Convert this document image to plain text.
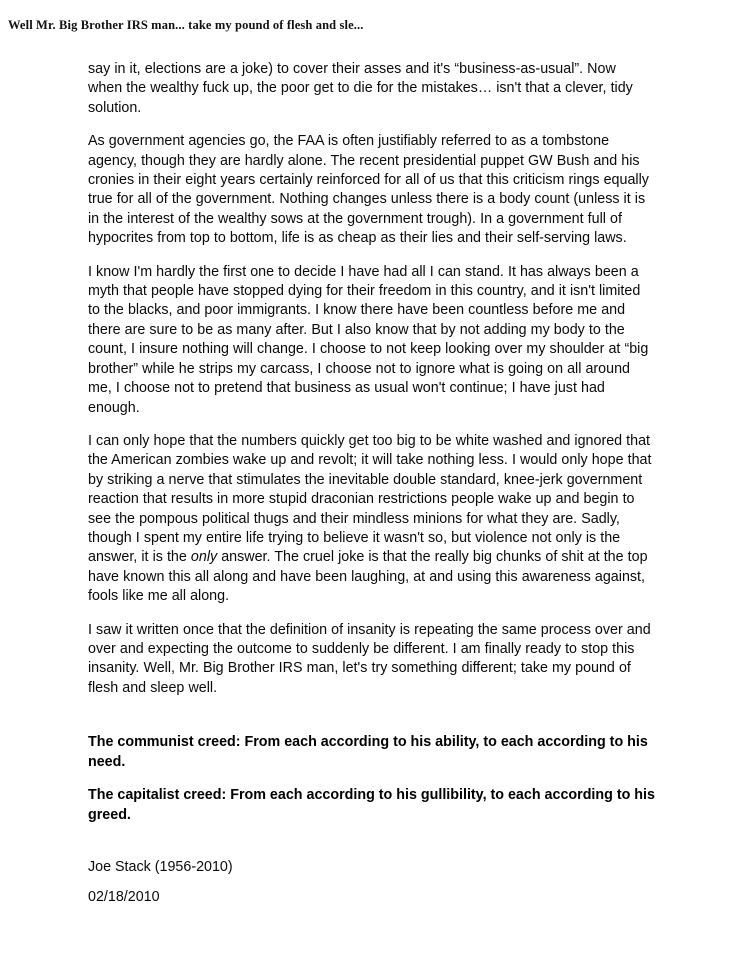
Well Mr. Big Brother IRS man... take my pound of flesh and sle...

say in it, elections are a joke) to cover their asses and it's “business-as-usual”. Now when the wealthy fuck up, the poor get to die for the mistakes… isn't that a clever, tidy solution.

As government agencies go, the FAA is often justifiably referred to as a tombstone agency, though they are hardly alone. The recent presidential puppet GW Bush and his cronies in their eight years certainly reinforced for all of us that this criticism rings equally true for all of the government. Nothing changes unless there is a body count (unless it is in the interest of the wealthy sows at the government trough). In a government full of hypocrites from top to bottom, life is as cheap as their lies and their self-serving laws.

I know I'm hardly the first one to decide I have had all I can stand. It has always been a myth that people have stopped dying for their freedom in this country, and it isn't limited to the blacks, and poor immigrants. I know there have been countless before me and there are sure to be as many after. But I also know that by not adding my body to the count, I insure nothing will change. I choose to not keep looking over my shoulder at “big brother” while he strips my carcass, I choose not to ignore what is going on all around me, I choose not to pretend that business as usual won't continue; I have just had enough.

I can only hope that the numbers quickly get too big to be white washed and ignored that the American zombies wake up and revolt; it will take nothing less. I would only hope that by striking a nerve that stimulates the inevitable double standard, knee-jerk government reaction that results in more stupid draconian restrictions people wake up and begin to see the pompous political thugs and their mindless minions for what they are. Sadly, though I spent my entire life trying to believe it wasn't so, but violence not only is the answer, it is the only answer. The cruel joke is that the really big chunks of shit at the top have known this all along and have been laughing, at and using this awareness against, fools like me all along.

I saw it written once that the definition of insanity is repeating the same process over and over and expecting the outcome to suddenly be different. I am finally ready to stop this insanity. Well, Mr. Big Brother IRS man, let's try something different; take my pound of flesh and sleep well.

The communist creed: From each according to his ability, to each according to his need.

The capitalist creed: From each according to his gullibility, to each according to his greed.

Joe Stack (1956-2010)

02/18/2010
